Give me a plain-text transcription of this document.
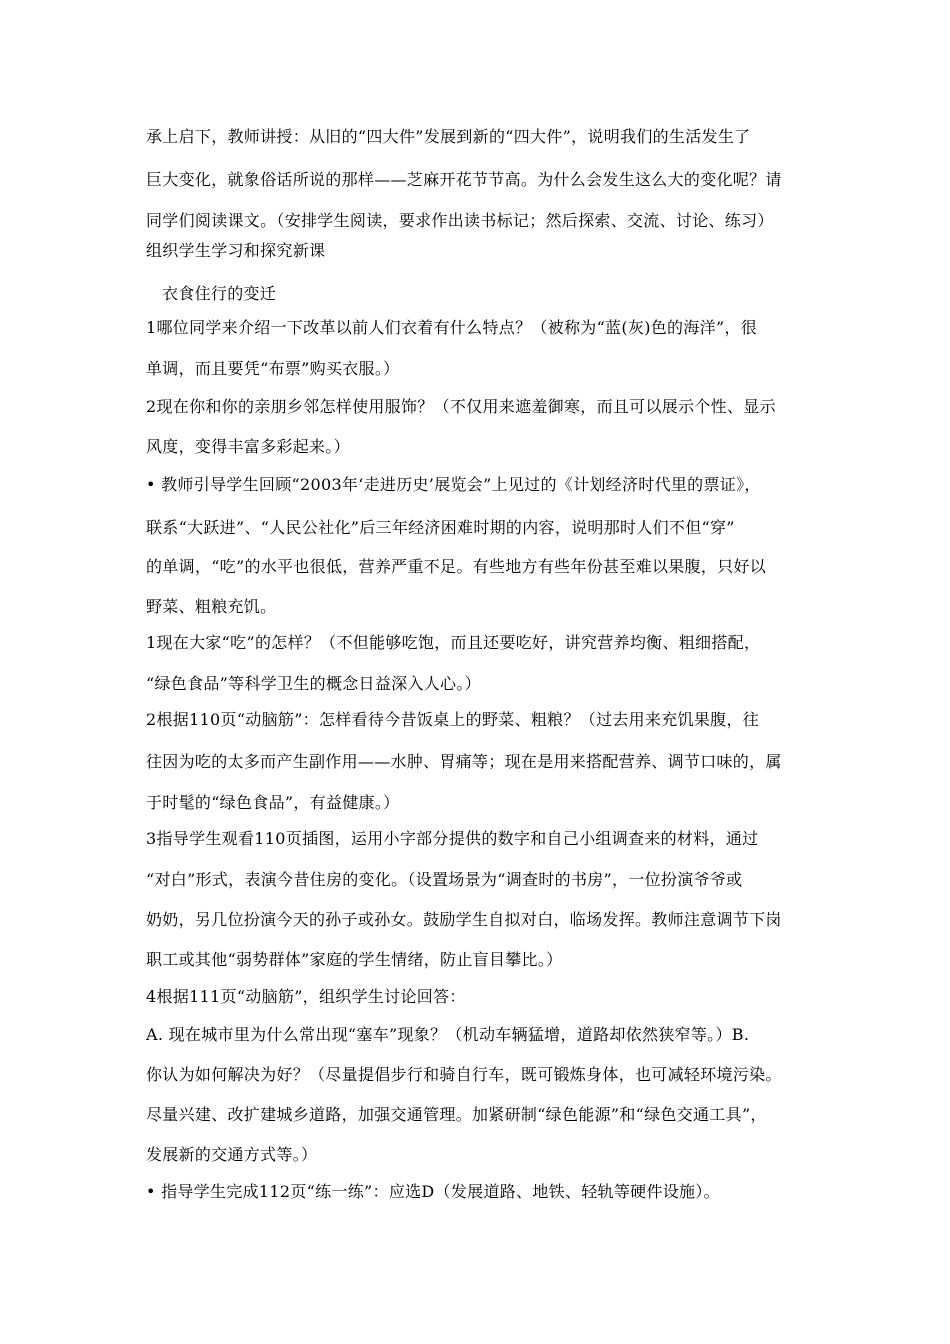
承上启下，教师讲授：从旧的“四大件”发展到新的“四大件”，说明我们的生活发生了
巨大变化，就象俗话所说的那样——芝麻开花节节高。为什么会发生这么大的变化呢？请
同学们阅读课文。（安排学生阅读，要求作出读书标记；然后探索、交流、讨论、练习）
组织学生学习和探究新课
衣食住行的变迁
1哪位同学来介绍一下改革以前人们衣着有什么特点？（被称为“蓝(灰)色的海洋”，很
单调，而且要凭“布票”购买衣服。）
2现在你和你的亲朋乡邻怎样使用服饰？（不仅用来遮羞御寒，而且可以展示个性、显示
风度，变得丰富多彩起来。）
• 教师引导学生回顾“2003年‘走进历史’展览会”上见过的《计划经济时代里的票证》，
联系“大跃进”、“人民公社化”后三年经济困难时期的内容，说明那时人们不但“穿”
的单调，“吃”的水平也很低，营养严重不足。有些地方有些年份甚至难以果腹，只好以
野菜、粗粮充饥。
1现在大家“吃”的怎样？（不但能够吃饱，而且还要吃好，讲究营养均衡、粗细搭配，
“绿色食品”等科学卫生的概念日益深入人心。）
2根据110页“动脑筋”：怎样看待今昔饭桌上的野菜、粗粮？（过去用来充饥果腹，往
往因为吃的太多而产生副作用——水肿、胃痛等；现在是用来搭配营养、调节口味的，属
于时髦的“绿色食品”，有益健康。）
3指导学生观看110页插图，运用小字部分提供的数字和自己小组调查来的材料，通过
“对白”形式，表演今昔住房的变化。（设置场景为“调查时的书房”，一位扮演爷爷或
奶奶，另几位扮演今天的孙子或孙女。鼓励学生自拟对白，临场发挥。教师注意调节下岗
职工或其他“弱势群体”家庭的学生情绪，防止盲目攀比。）
4根据111页“动脑筋”，组织学生讨论回答：
A. 现在城市里为什么常出现“塞车”现象？（机动车辆猛增，道路却依然狭窄等。）B.
你认为如何解决为好？（尽量提倡步行和骑自行车，既可锻炼身体，也可减轻环境污染。
尽量兴建、改扩建城乡道路，加强交通管理。加紧研制“绿色能源”和“绿色交通工具”，
发展新的交通方式等。）
• 指导学生完成112页“练一练”：应选D（发展道路、地铁、轻轨等硬件设施）。
